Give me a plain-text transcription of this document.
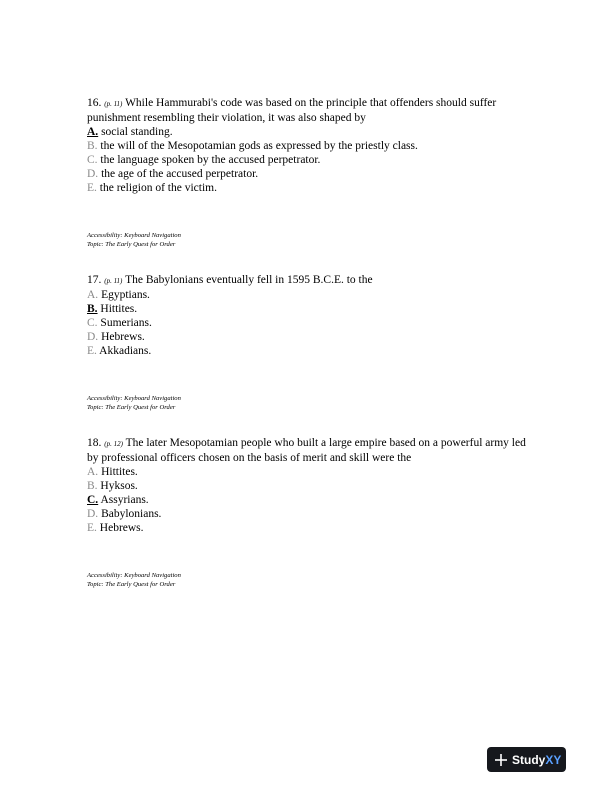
16. (p. 11) While Hammurabi's code was based on the principle that offenders should suffer punishment resembling their violation, it was also shaped by
A. social standing.
B. the will of the Mesopotamian gods as expressed by the priestly class.
C. the language spoken by the accused perpetrator.
D. the age of the accused perpetrator.
E. the religion of the victim.
Accessibility: Keyboard Navigation
Topic: The Early Quest for Order
17. (p. 11) The Babylonians eventually fell in 1595 B.C.E. to the
A. Egyptians.
B. Hittites.
C. Sumerians.
D. Hebrews.
E. Akkadians.
Accessibility: Keyboard Navigation
Topic: The Early Quest for Order
18. (p. 12) The later Mesopotamian people who built a large empire based on a powerful army led by professional officers chosen on the basis of merit and skill were the
A. Hittites.
B. Hyksos.
C. Assyrians.
D. Babylonians.
E. Hebrews.
Accessibility: Keyboard Navigation
Topic: The Early Quest for Order
StudyXY
